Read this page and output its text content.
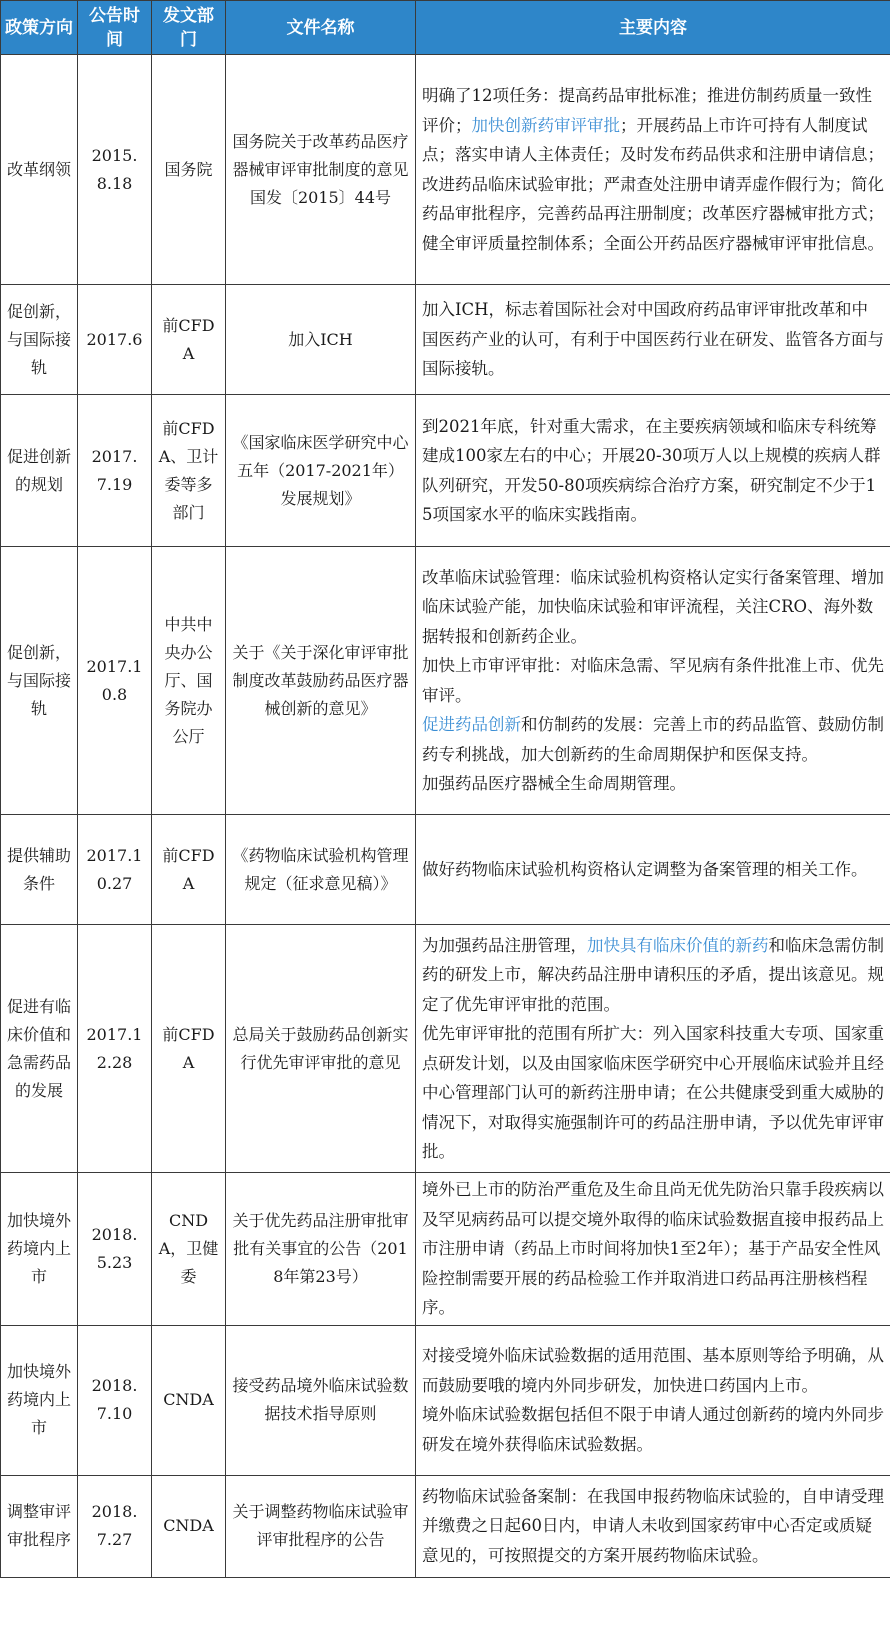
政策方向	公告时间	发文部门	文件名称	主要内容
改革纲领	2015.8.18	国务院	国务院关于改革药品医疗器械审评审批制度的意见国发〔2015〕44号	明确了12项任务：提高药品审批标准；推进仿制药质量一致性评价；加快创新药审评审批；开展药品上市许可持有人制度试点；落实申请人主体责任；及时发布药品供求和注册申请信息；改进药品临床试验审批；严肃查处注册申请弄虚作假行为；简化药品审批程序，完善药品再注册制度；改革医疗器械审批方式；健全审评质量控制体系；全面公开药品医疗器械审评审批信息。

促创新，与国际接轨	2017.6	前CFDA	加入ICH	加入ICH，标志着国际社会对中国政府药品审评审批改革和中国医药产业的认可，有利于中国医药行业在研发、监管各方面与国际接轨。

促进创新的规划	2017.7.19	前CFDA、卫计委等多部门	《国家临床医学研究中心五年（2017-2021年）发展规划》	到2021年底，针对重大需求，在主要疾病领域和临床专科统筹建成100家左右的中心；开展20-30项万人以上规模的疾病人群队列研究，开发50-80项疾病综合治疗方案，研究制定不少于15项国家水平的临床实践指南。

促创新，与国际接轨	2017.10.8	中共中央办公厅、国务院办公厅	关于《关于深化审评审批制度改革鼓励药品医疗器械创新的意见》	改革临床试验管理：临床试验机构资格认定实行备案管理、增加临床试验产能，加快临床试验和审评流程，关注CRO、海外数据转报和创新药企业。
加快上市审评审批：对临床急需、罕见病有条件批准上市、优先审评。
促进药品创新和仿制药的发展：完善上市的药品监管、鼓励仿制药专利挑战，加大创新药的生命周期保护和医保支持。
加强药品医疗器械全生命周期管理。

提供辅助条件	2017.10.27	前CFDA	《药物临床试验机构管理规定（征求意见稿）》	做好药物临床试验机构资格认定调整为备案管理的相关工作。

促进有临床价值和急需药品的发展	2017.12.28	前CFDA	总局关于鼓励药品创新实行优先审评审批的意见	为加强药品注册管理，加快具有临床价值的新药和临床急需仿制药的研发上市，解决药品注册申请积压的矛盾，提出该意见。规定了优先审评审批的范围。
优先审评审批的范围有所扩大：列入国家科技重大专项、国家重点研发计划，以及由国家临床医学研究中心开展临床试验并且经中心管理部门认可的新药注册申请；在公共健康受到重大威胁的情况下，对取得实施强制许可的药品注册申请，予以优先审评审批。

加快境外药境内上市	2018.5.23	CNDA，卫健委	关于优先药品注册审批审批有关事宜的公告（2018年第23号）	境外已上市的防治严重危及生命且尚无优先防治只靠手段疾病以及罕见病药品可以提交境外取得的临床试验数据直接申报药品上市注册申请（药品上市时间将加快1至2年）；基于产品安全性风险控制需要开展的药品检验工作并取消进口药品再注册核档程序。

加快境外药境内上市	2018.7.10	CNDA	接受药品境外临床试验数据技术指导原则	对接受境外临床试验数据的适用范围、基本原则等给予明确，从而鼓励要哦的境内外同步研发，加快进口药国内上市。
境外临床试验数据包括但不限于申请人通过创新药的境内外同步研发在境外获得临床试验数据。

调整审评审批程序	2018.7.27	CNDA	关于调整药物临床试验审评审批程序的公告	药物临床试验备案制：在我国申报药物临床试验的，自申请受理并缴费之日起60日内，申请人未收到国家药审中心否定或质疑意见的，可按照提交的方案开展药物临床试验。
